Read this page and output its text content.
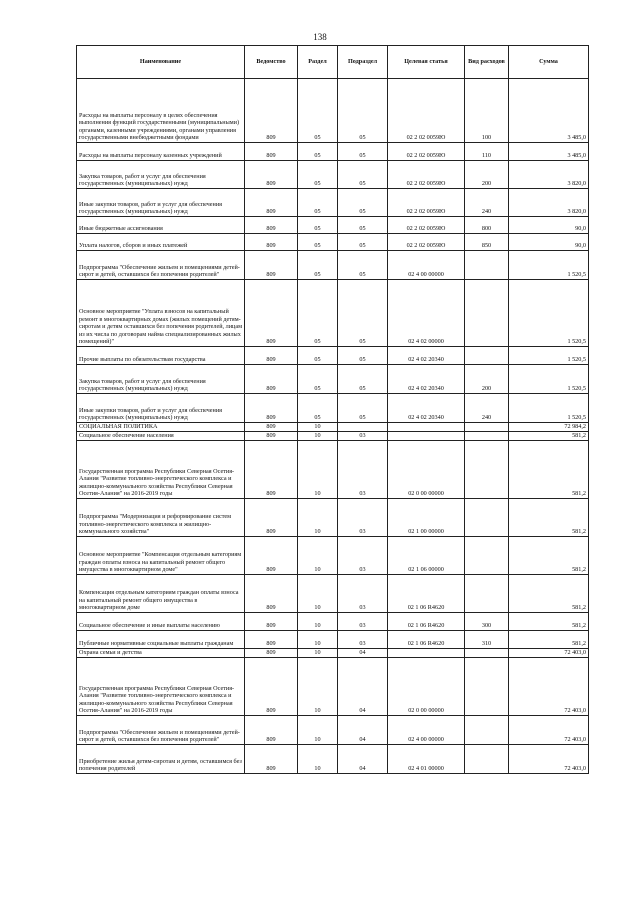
138
Наименование	Ведомство	Раздел	Подраздел	Целевая статья	Вид расходов	Сумма
Расходы на выплаты персоналу в целях обеспечения выполнения функций государственными (муниципальными) органами, казенными учреждениями, органами управления государственными внебюджетными фондами	809	05	05	02 2 02 0059Ю	100	3 485,0
Расходы на выплаты персоналу казенных учреждений	809	05	05	02 2 02 0059Ю	110	3 485,0
Закупка товаров, работ и услуг для обеспечения государственных (муниципальных) нужд	809	05	05	02 2 02 0059Ю	200	3 820,0
Иные закупки товаров, работ и услуг для обеспечения государственных (муниципальных) нужд	809	05	05	02 2 02 0059Ю	240	3 820,0
Иные бюджетные ассигнования	809	05	05	02 2 02 0059Ю	800	90,0
Уплата налогов, сборов и иных платежей	809	05	05	02 2 02 0059Ю	850	90,0
Подпрограмма "Обеспечение жильем и помещениями детей-сирот и детей, оставшихся без попечения родителей"	809	05	05	02 4 00 00000		1 520,5
Основное мероприятие "Уплата взносов на капитальный ремонт в многоквартирных домах (жилых помещений детям-сиротам и детям оставшихся без попечения родителей, лицам из их числа по договорам найма специализированных жилых помещений)"	809	05	05	02 4 02 00000		1 520,5
Прочие выплаты по обязательствам государства	809	05	05	02 4 02 20340		1 520,5
Закупка товаров, работ и услуг для обеспечения государственных (муниципальных) нужд	809	05	05	02 4 02 20340	200	1 520,5
Иные закупки товаров, работ и услуг для обеспечения государственных (муниципальных) нужд	809	05	05	02 4 02 20340	240	1 520,5
СОЦИАЛЬНАЯ ПОЛИТИКА	809	10				72 984,2
Социальное обеспечение населения	809	10	03			581,2
Государственная программа Республики Северная Осетия-Алания "Развитие топливно-энергетического комплекса и жилищно-коммунального хозяйства Республики Северная Осетия-Алания" на 2016-2019 годы	809	10	03	02 0 00 00000		581,2
Подпрограмма "Модернизация и реформирование систем топливно-энергетического комплекса и жилищно-коммунального хозяйства"	809	10	03	02 1 00 00000		581,2
Основное мероприятие "Компенсация отдельным категориям граждан оплаты взноса на капитальный ремонт общего имущества в многоквартирном доме"	809	10	03	02 1 06 00000		581,2
Компенсация отдельным категориям граждан оплаты взноса на капитальный ремонт общего имущества в многоквартирном доме	809	10	03	02 1 06 R4620		581,2
Социальное обеспечение и иные выплаты населению	809	10	03	02 1 06 R4620	300	581,2
Публичные нормативные социальные выплаты гражданам	809	10	03	02 1 06 R4620	310	581,2
Охрана семьи и детства	809	10	04			72 403,0
Государственная программа Республики Северная Осетия-Алания "Развитие топливно-энергетического комплекса и жилищно-коммунального хозяйства Республики Северная Осетия-Алания" на 2016-2019 годы	809	10	04	02 0 00 00000		72 403,0
Подпрограмма "Обеспечение жильем и помещениями детей-сирот и детей, оставшихся без попечения родителей"	809	10	04	02 4 00 00000		72 403,0
Приобретение жилья детям-сиротам и детям, оставшимся без попечения родителей	809	10	04	02 4 01 00000		72 403,0
